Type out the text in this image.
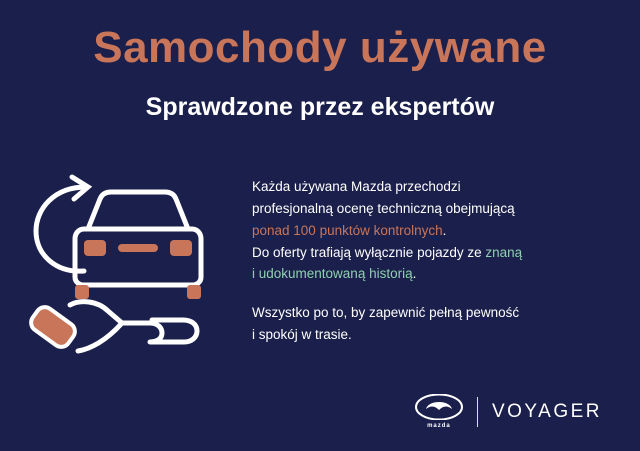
Samochody używane
Sprawdzone przez ekspertów

Każda używana Mazda przechodzi

profesjonalną ocenę techniczną obejmującą

ponad 100 punktów kontrolnych.

Do oferty trafiają wyłącznie pojazdy ze znaną

i udokumentowaną historią.

Wszystko po to, by zapewnić pełną pewność

i spokój w trasie.

mazda
VOYAGER
